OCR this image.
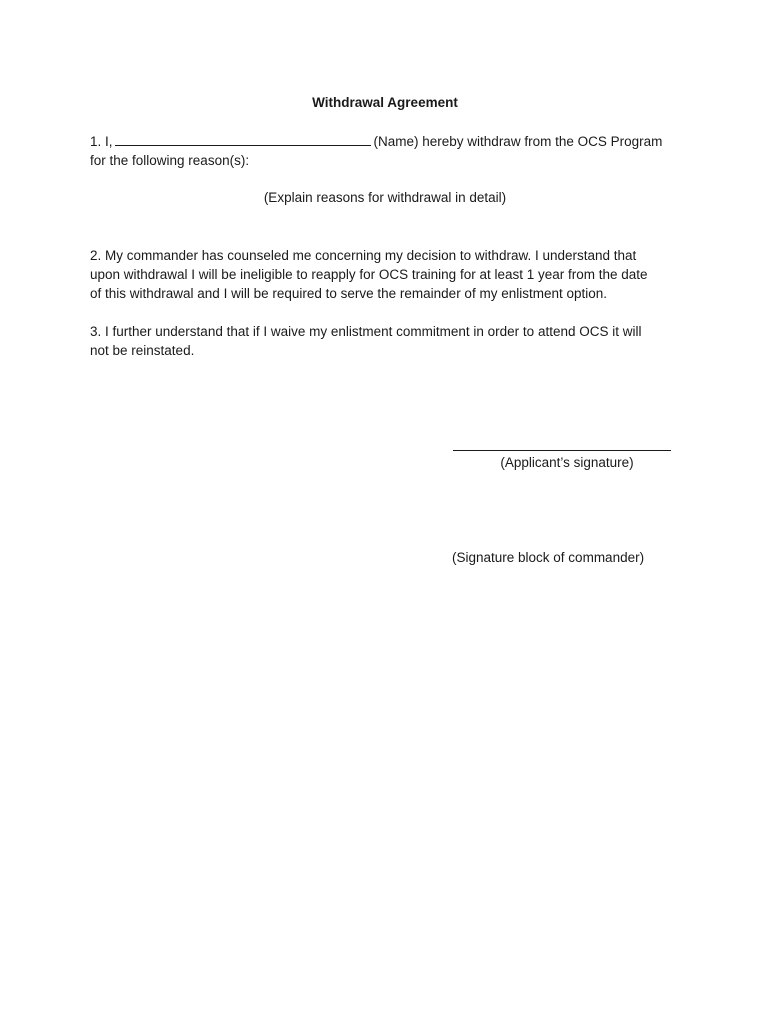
Withdrawal Agreement
1. I,	(Name) hereby withdraw from the OCS Program
for the following reason(s):
(Explain reasons for withdrawal in detail)
2. My commander has counseled me concerning my decision to withdraw. I understand that
upon withdrawal I will be ineligible to reapply for OCS training for at least 1 year from the date
of this withdrawal and I will be required to serve the remainder of my enlistment option.
3. I further understand that if I waive my enlistment commitment in order to attend OCS it will
not be reinstated.
(Applicant’s signature)
(Signature block of commander)
